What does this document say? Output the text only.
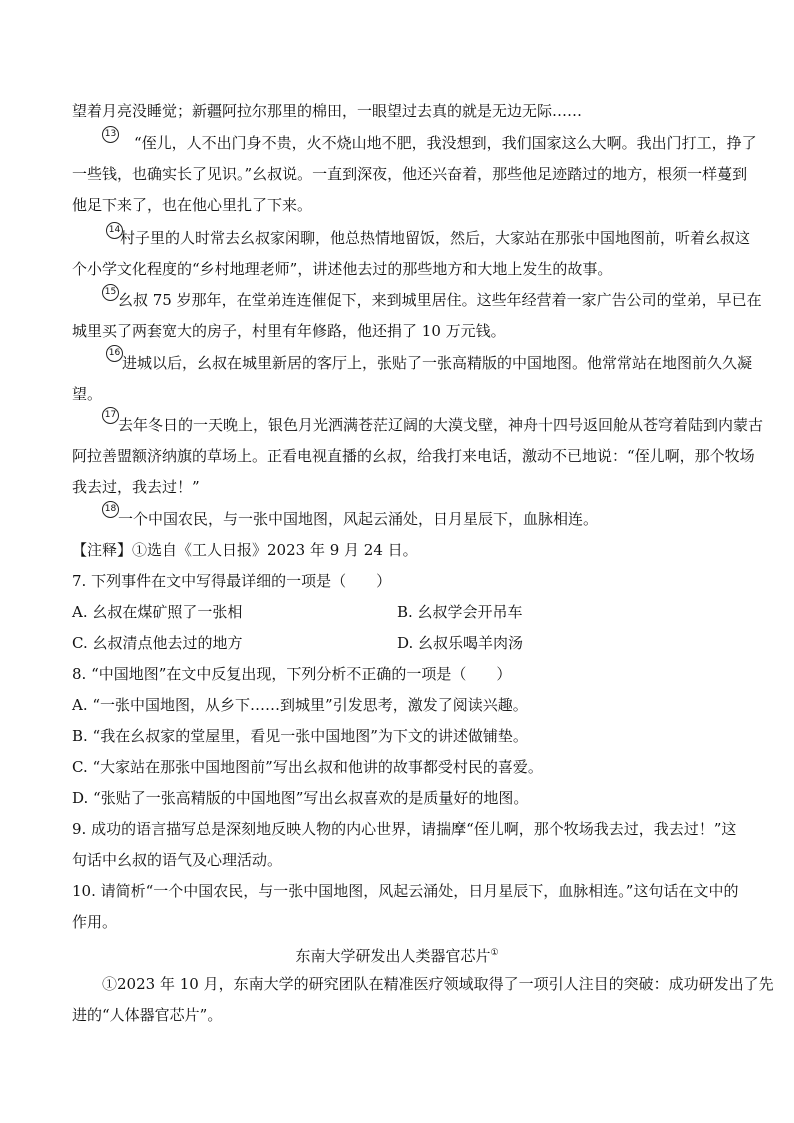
望着月亮没睡觉；新疆阿拉尔那里的棉田，一眼望过去真的就是无边无际……
13 “侄儿，人不出门身不贵，火不烧山地不肥，我没想到，我们国家这么大啊。我出门打工，挣了
一些钱，也确实长了见识。”幺叔说。一直到深夜，他还兴奋着，那些他足迹踏过的地方，根须一样蔓到
他足下来了，也在他心里扎了下来。
14 村子里的人时常去幺叔家闲聊，他总热情地留饭，然后，大家站在那张中国地图前，听着幺叔这
个小学文化程度的“乡村地理老师”，讲述他去过的那些地方和大地上发生的故事。
15 幺叔 75 岁那年，在堂弟连连催促下，来到城里居住。这些年经营着一家广告公司的堂弟，早已在
城里买了两套宽大的房子，村里有年修路，他还捐了 10 万元钱。
16
进城以后，幺叔在城里新居的客厅上，张贴了一张高精版的中国地图。他常常站在地图前久久凝
望。
17
去年冬日的一天晚上，银色月光洒满苍茫辽阔的大漠戈壁，神舟十四号返回舱从苍穹着陆到内蒙古
阿拉善盟额济纳旗的草场上。正看电视直播的幺叔，给我打来电话，激动不已地说：“侄儿啊，那个牧场
我去过，我去过！”
18
一个中国农民，与一张中国地图，风起云涌处，日月星辰下，血脉相连。
【注释】①选自《工人日报》2023 年 9 月 24 日。
7. 下列事件在文中写得最详细的一项是（　　）
A. 幺叔在煤矿照了一张相	B. 幺叔学会开吊车
C. 幺叔清点他去过的地方	D. 幺叔乐喝羊肉汤
8. “中国地图”在文中反复出现，下列分析不正确的一项是（　　）
A. “一张中国地图，从乡下……到城里”引发思考，激发了阅读兴趣。
B. “我在幺叔家的堂屋里，看见一张中国地图”为下文的讲述做铺垫。
C. “大家站在那张中国地图前”写出幺叔和他讲的故事都受村民的喜爱。
D. “张贴了一张高精版的中国地图”写出幺叔喜欢的是质量好的地图。
9. 成功的语言描写总是深刻地反映人物的内心世界，请揣摩“侄儿啊，那个牧场我去过，我去过！”这
句话中幺叔的语气及心理活动。
10. 请简析“一个中国农民，与一张中国地图，风起云涌处，日月星辰下，血脉相连。”这句话在文中的
作用。
东南大学研发出人类器官芯片①
①2023 年 10 月，东南大学的研究团队在精准医疗领域取得了一项引人注目的突破：成功研发出了先
进的“人体器官芯片”。
